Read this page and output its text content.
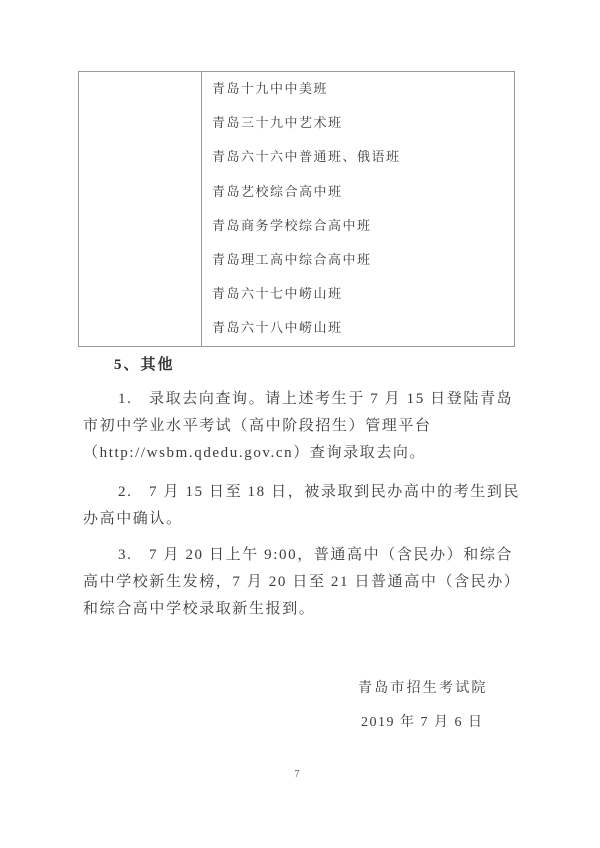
青岛十九中中美班
青岛三十九中艺术班
青岛六十六中普通班、俄语班
青岛艺校综合高中班
青岛商务学校综合高中班
青岛理工高中综合高中班
青岛六十七中崂山班
青岛六十八中崂山班
5、其他
1.　录取去向查询。请上述考生于 7 月 15 日登陆青岛
市初中学业水平考试（高中阶段招生）管理平台
（http://wsbm.qdedu.gov.cn）查询录取去向。
2.　7 月 15 日至 18 日，被录取到民办高中的考生到民
办高中确认。
3.　7 月 20 日上午 9:00，普通高中（含民办）和综合
高中学校新生发榜，7 月 20 日至 21 日普通高中（含民办）
和综合高中学校录取新生报到。
青岛市招生考试院
2019 年 7 月 6 日
7
